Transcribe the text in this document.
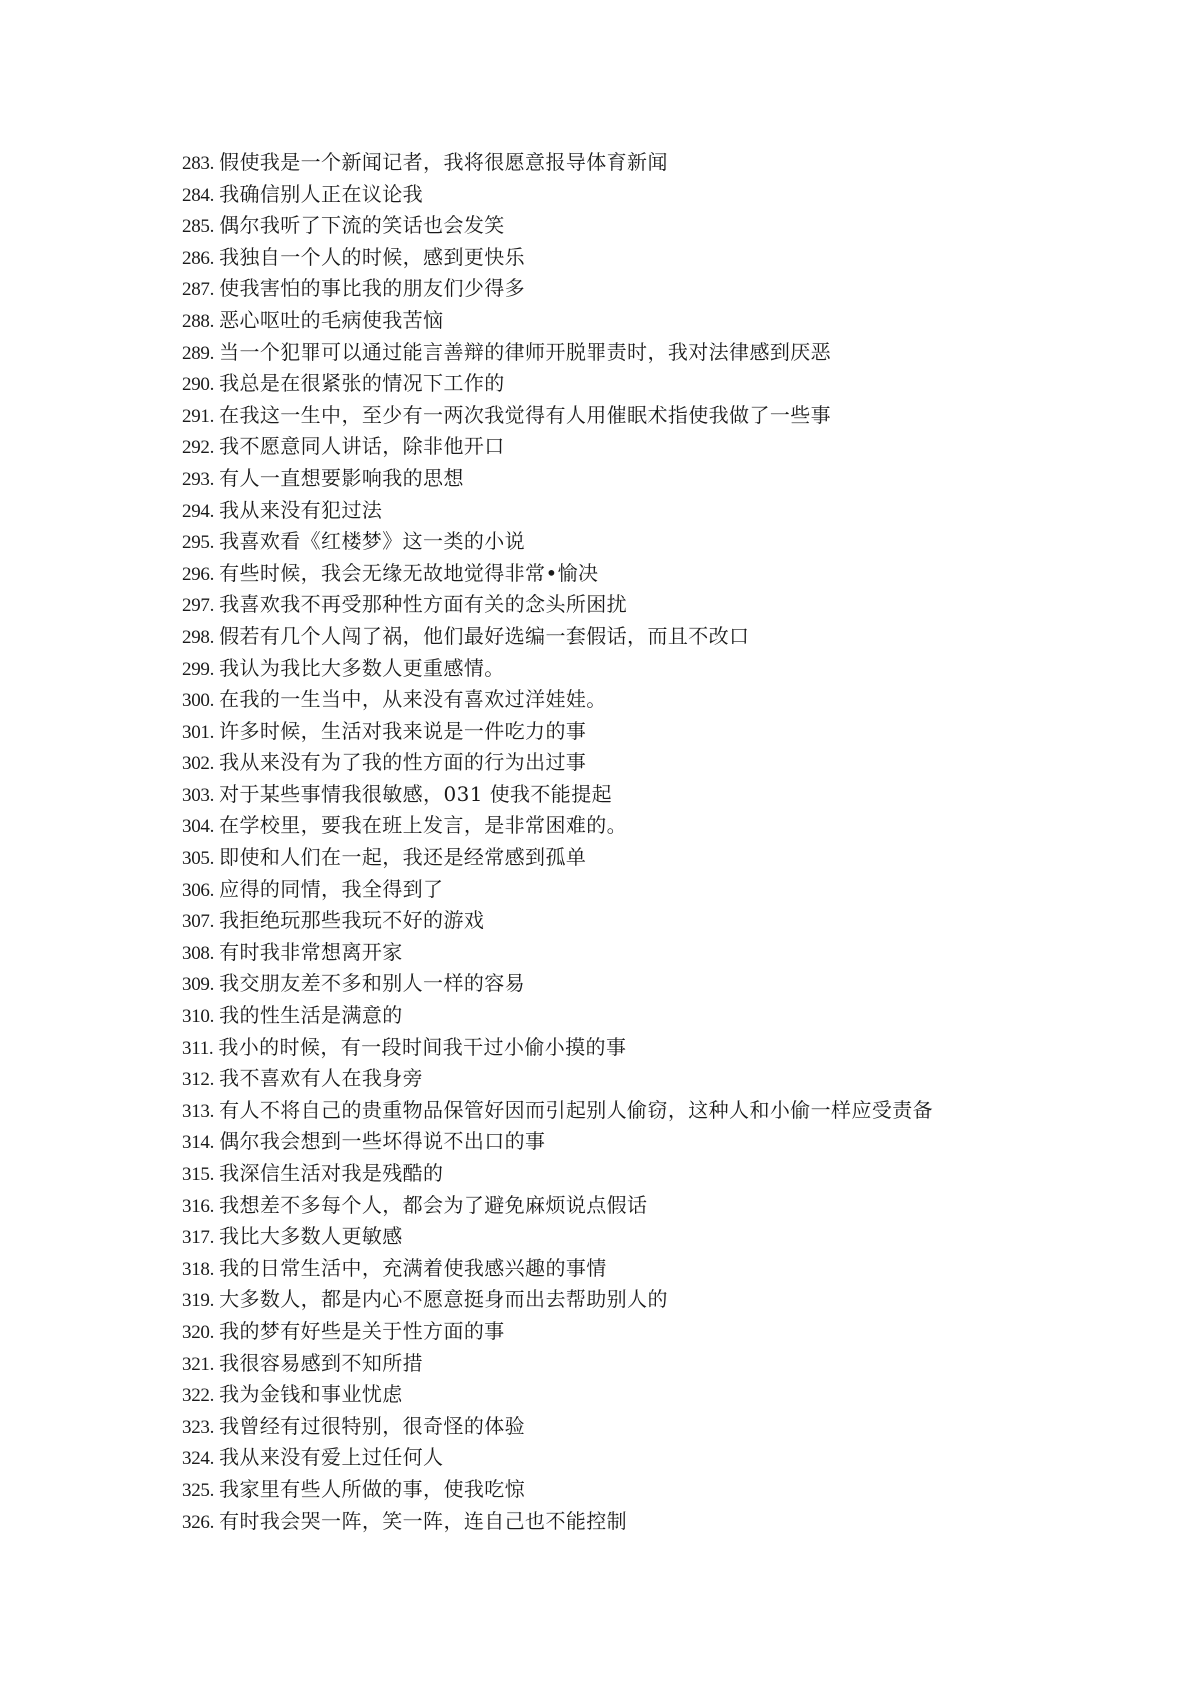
283. 假使我是一个新闻记者，我将很愿意报导体育新闻
284. 我确信别人正在议论我
285. 偶尔我听了下流的笑话也会发笑
286. 我独自一个人的时候，感到更快乐
287. 使我害怕的事比我的朋友们少得多
288. 恶心呕吐的毛病使我苦恼
289. 当一个犯罪可以通过能言善辩的律师开脱罪责时，我对法律感到厌恶
290. 我总是在很紧张的情况下工作的
291. 在我这一生中，至少有一两次我觉得有人用催眠术指使我做了一些事
292. 我不愿意同人讲话，除非他开口
293. 有人一直想要影响我的思想
294. 我从来没有犯过法
295. 我喜欢看《红楼梦》这一类的小说
296. 有些时候，我会无缘无故地觉得非常•愉决
297. 我喜欢我不再受那种性方面有关的念头所困扰
298. 假若有几个人闯了祸，他们最好选编一套假话，而且不改口
299. 我认为我比大多数人更重感情。
300. 在我的一生当中，从来没有喜欢过洋娃娃。
301. 许多时候，生活对我来说是一件吃力的事
302. 我从来没有为了我的性方面的行为出过事
303. 对于某些事情我很敏感，031 使我不能提起
304. 在学校里，要我在班上发言，是非常困难的。
305. 即使和人们在一起，我还是经常感到孤单
306. 应得的同情，我全得到了
307. 我拒绝玩那些我玩不好的游戏
308. 有时我非常想离开家
309. 我交朋友差不多和别人一样的容易
310. 我的性生活是满意的
311. 我小的时候，有一段时间我干过小偷小摸的事
312. 我不喜欢有人在我身旁
313. 有人不将自己的贵重物品保管好因而引起别人偷窃，这种人和小偷一样应受责备
314. 偶尔我会想到一些坏得说不出口的事
315. 我深信生活对我是残酷的
316. 我想差不多每个人，都会为了避免麻烦说点假话
317. 我比大多数人更敏感
318. 我的日常生活中，充满着使我感兴趣的事情
319. 大多数人，都是内心不愿意挺身而出去帮助别人的
320. 我的梦有好些是关于性方面的事
321. 我很容易感到不知所措
322. 我为金钱和事业忧虑
323. 我曾经有过很特别，很奇怪的体验
324. 我从来没有爱上过任何人
325. 我家里有些人所做的事，使我吃惊
326. 有时我会哭一阵，笑一阵，连自己也不能控制
